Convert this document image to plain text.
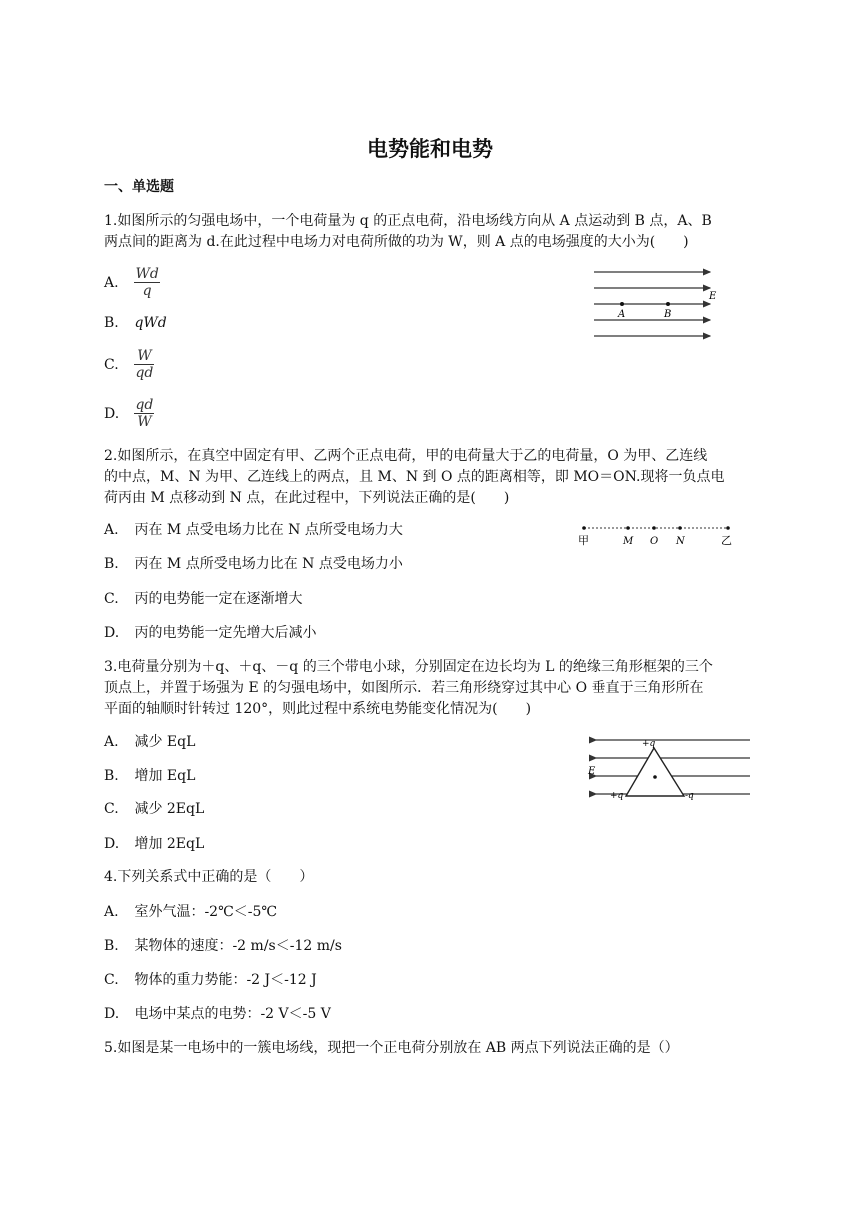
电势能和电势
一、单选题
1.如图所示的匀强电场中，一个电荷量为 q 的正点电荷，沿电场线方向从 A 点运动到 B 点，A、B
两点间的距离为 d.在此过程中电场力对电荷所做的功为 W，则 A 点的电场强度的大小为(　　)
A. $\frac{Wd}{q}$
B. qWd
C. $\frac{W}{qd}$
D. $\frac{qd}{W}$
A	B
E
2.如图所示，在真空中固定有甲、乙两个正点电荷，甲的电荷量大于乙的电荷量，O 为甲、乙连线
的中点，M、N 为甲、乙连线上的两点，且 M、N 到 O 点的距离相等，即 MO＝ON.现将一负点电
荷丙由 M 点移动到 N 点，在此过程中，下列说法正确的是(　　)
A. 丙在 M 点受电场力比在 N 点所受电场力大
B. 丙在 M 点所受电场力比在 N 点受电场力小
C. 丙的电势能一定在逐渐增大
D. 丙的电势能一定先增大后减小
甲	M O N	乙
3.电荷量分别为＋q、＋q、－q 的三个带电小球，分别固定在边长均为 L 的绝缘三角形框架的三个
顶点上，并置于场强为 E 的匀强电场中，如图所示．若三角形绕穿过其中心 O 垂直于三角形所在
平面的轴顺时针转过 120°，则此过程中系统电势能变化情况为(　　)
A. 减少 EqL
B. 增加 EqL
C. 减少 2EqL
D. 增加 2EqL
+q
+q	-q
E
4.下列关系式中正确的是（　　）
A. 室外气温：-2℃＜-5℃
B. 某物体的速度：-2 m/s＜-12 m/s
C. 物体的重力势能：-2 J＜-12 J
D. 电场中某点的电势：-2 V＜-5 V
5.如图是某一电场中的一簇电场线，现把一个正电荷分别放在 AB 两点下列说法正确的是（）
